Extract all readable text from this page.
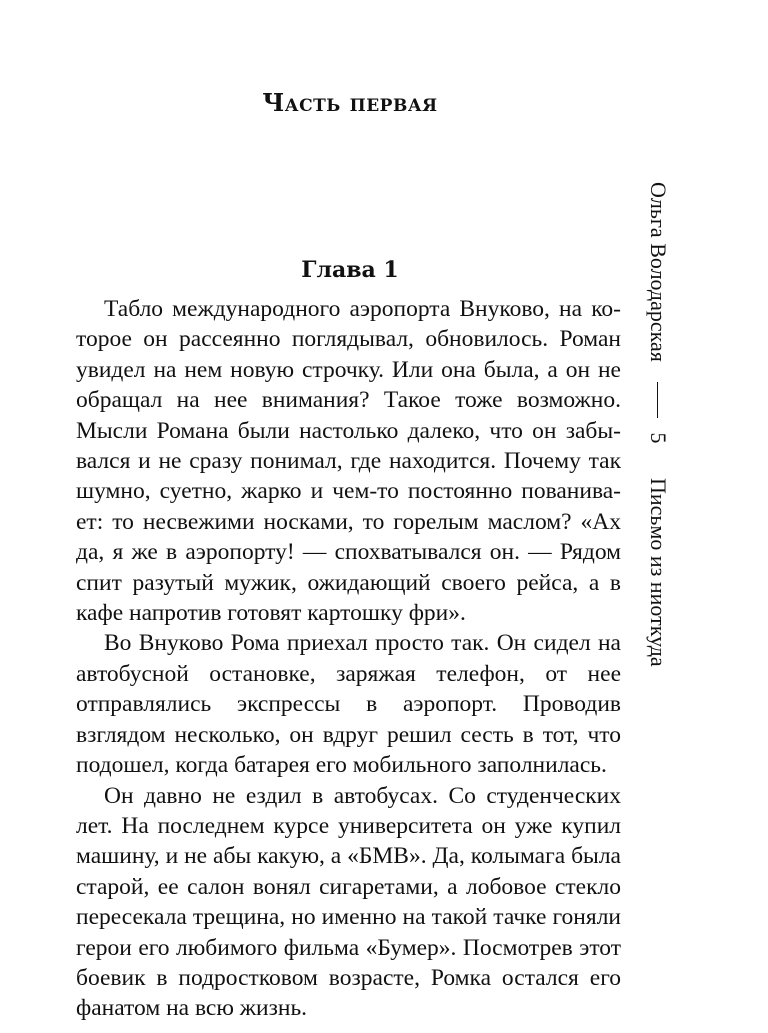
Часть первая
Глава 1

Табло международного аэропорта Внуково, на которое он рассеянно поглядывал, обновилось. Роман увидел на нем новую строчку. Или она была, а он не обращал на нее внимания? Такое тоже возможно. Мысли Романа были настолько далеко, что он забывался и не сразу понимал, где находится. Почему так шумно, суетно, жарко и чем-то постоянно пованивает: то несвежими носками, то горелым маслом? «Ах да, я же в аэропорту! — спохватывался он. — Рядом спит разутый мужик, ожидающий своего рейса, а в кафе напротив готовят картошку фри».

Во Внуково Рома приехал просто так. Он сидел на автобусной остановке, заряжая телефон, от нее отправлялись экспрессы в аэропорт. Проводив взглядом несколько, он вдруг решил сесть в тот, что подошел, когда батарея его мобильного заполнилась.

Он давно не ездил в автобусах. Со студенческих лет. На последнем курсе университета он уже купил машину, и не абы какую, а «БМВ». Да, колымага была старой, ее салон вонял сигаретами, а лобовое стекло пересекала трещина, но именно на такой тачке гоняли герои его любимого фильма «Бумер». Посмотрев этот боевик в подростковом возрасте, Ромка остался его фанатом на всю жизнь.

Ольга Володарская
5
Письмо из ниоткуда
